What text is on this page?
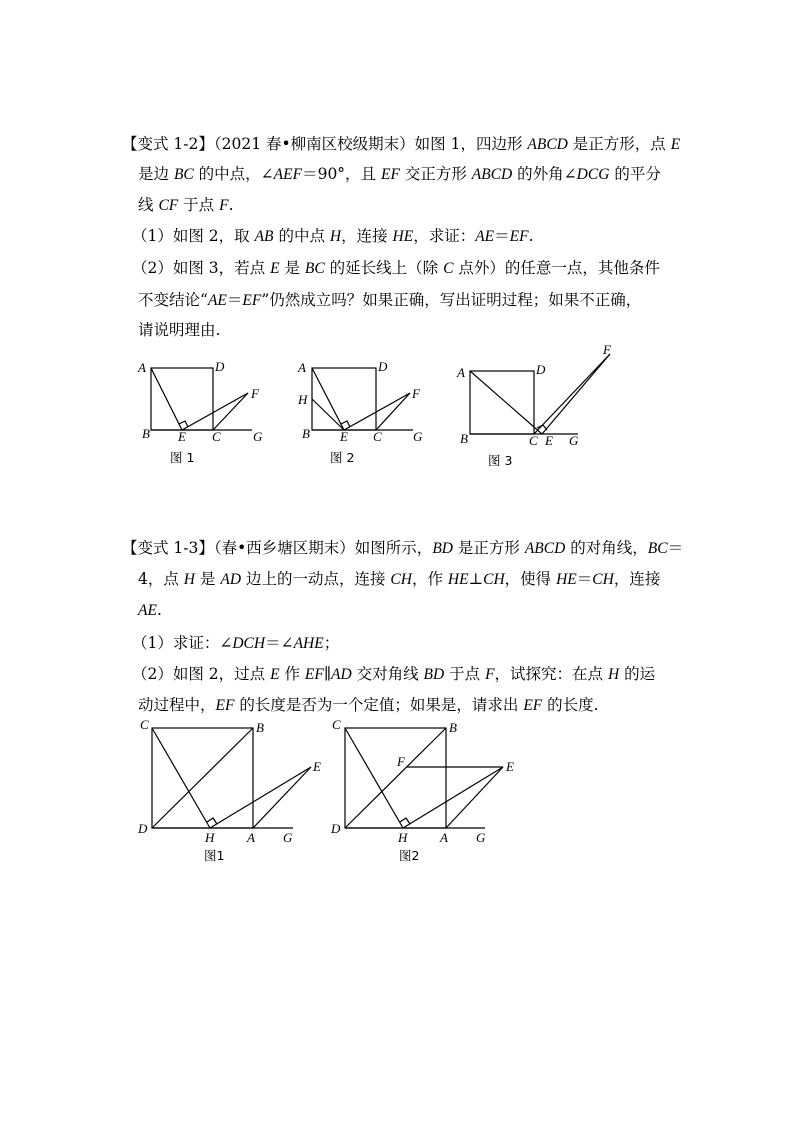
【变式 1-2】（2021 春•柳南区校级期末）如图 1，四边形 ABCD 是正方形，点 E
是边 BC 的中点，∠AEF＝90°，且 EF 交正方形 ABCD 的外角∠DCG 的平分
线 CF 于点 F.
（1）如图 2，取 AB 的中点 H，连接 HE，求证：AE＝EF.
（2）如图 3，若点 E 是 BC 的延长线上（除 C 点外）的任意一点，其他条件
不变结论“AE＝EF”仍然成立吗？如果正确，写出证明过程；如果不正确，
请说明理由.
A	D
F
B E C G
图 1
A	D
H	F
B E C G
图 2
A	D
F
B	C E G
图 3
C	B
E
D
H	A G
图1
C	B
F	E
D
H	A G
图2
【变式 1-3】（春•西乡塘区期末）如图所示，BD 是正方形 ABCD 的对角线，BC＝
4，点 H 是 AD 边上的一动点，连接 CH，作 HE⊥CH，使得 HE＝CH，连接
AE.
（1）求证：∠DCH＝∠AHE；
（2）如图 2，过点 E 作 EF∥AD 交对角线 BD 于点 F，试探究：在点 H 的运
动过程中，EF 的长度是否为一个定值；如果是，请求出 EF 的长度.
